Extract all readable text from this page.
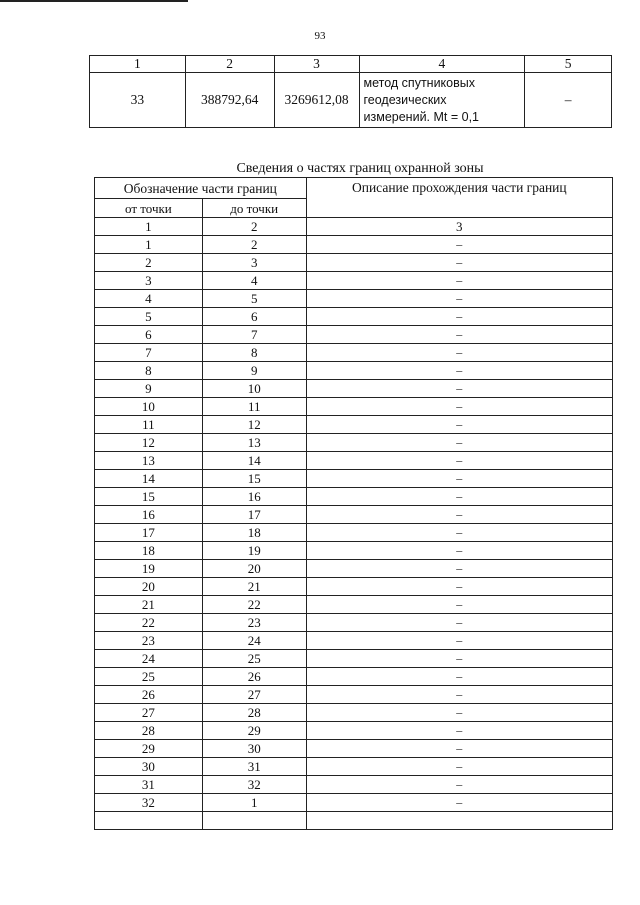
93
1	2	3	4	5
33	388792,64	3269612,08	метод спутниковых
геодезических
измерений. Mt = 0,1	–
Сведения о частях границ охранной зоны
Обозначение части границ		Описание прохождения части границ
от точки	до точки	
1	2	3
1	2	–
2	3	–
3	4	–
4	5	–
5	6	–
6	7	–
7	8	–
8	9	–
9	10	–
10	11	–
11	12	–
12	13	–
13	14	–
14	15	–
15	16	–
16	17	–
17	18	–
18	19	–
19	20	–
20	21	–
21	22	–
22	23	–
23	24	–
24	25	–
25	26	–
26	27	–
27	28	–
28	29	–
29	30	–
30	31	–
31	32	–
32	1	–
